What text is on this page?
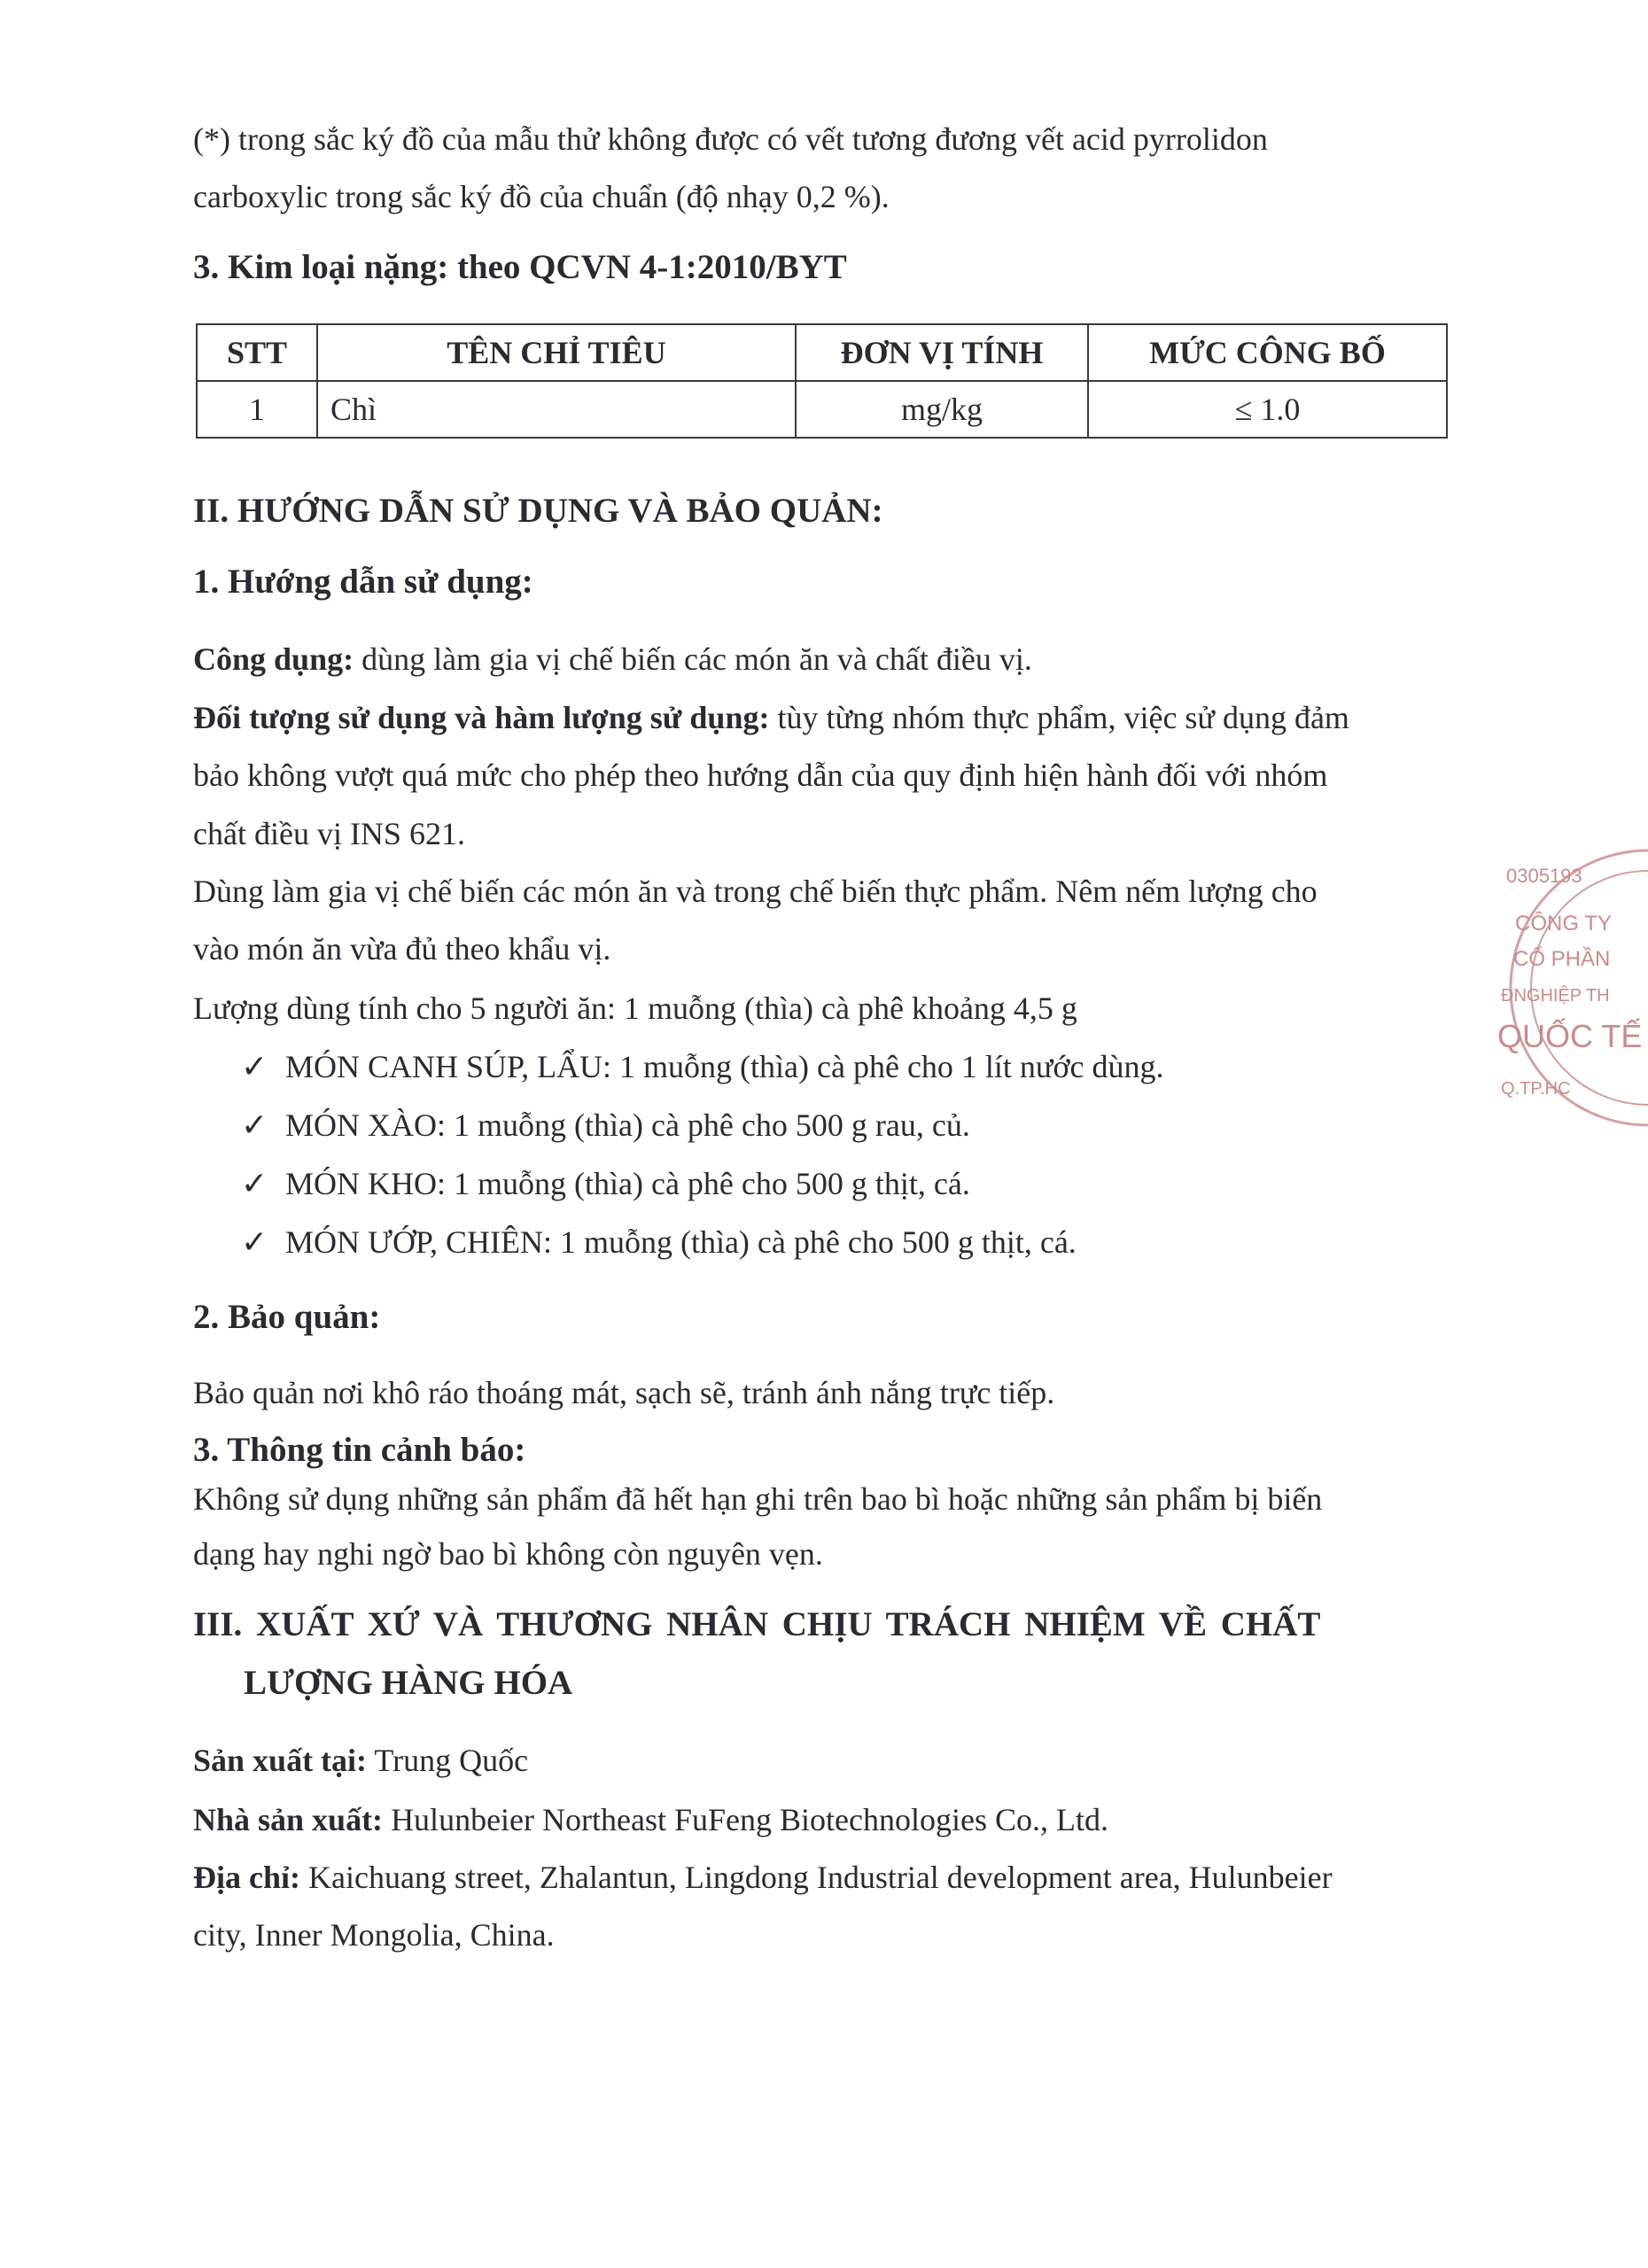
(*) trong sắc ký đồ của mẫu thử không được có vết tương đương vết acid pyrrolidon
carboxylic trong sắc ký đồ của chuẩn (độ nhạy 0,2 %).
3. Kim loại nặng: theo QCVN 4-1:2010/BYT
STT	TÊN CHỈ TIÊU	ĐƠN VỊ TÍNH	MỨC CÔNG BỐ
1	Chì	mg/kg	≤ 1.0
II. HƯỚNG DẪN SỬ DỤNG VÀ BẢO QUẢN:
1. Hướng dẫn sử dụng:
Công dụng: dùng làm gia vị chế biến các món ăn và chất điều vị.
Đối tượng sử dụng và hàm lượng sử dụng: tùy từng nhóm thực phẩm, việc sử dụng đảm
bảo không vượt quá mức cho phép theo hướng dẫn của quy định hiện hành đối với nhóm
chất điều vị INS 621.
Dùng làm gia vị chế biến các món ăn và trong chế biến thực phẩm. Nêm nếm lượng cho
vào món ăn vừa đủ theo khẩu vị.
Lượng dùng tính cho 5 người ăn: 1 muỗng (thìa) cà phê khoảng 4,5 g
✓ MÓN CANH SÚP, LẨU: 1 muỗng (thìa) cà phê cho 1 lít nước dùng.
✓ MÓN XÀO: 1 muỗng (thìa) cà phê cho 500 g rau, củ.
✓ MÓN KHO: 1 muỗng (thìa) cà phê cho 500 g thịt, cá.
✓ MÓN ƯỚP, CHIÊN: 1 muỗng (thìa) cà phê cho 500 g thịt, cá.
2. Bảo quản:
Bảo quản nơi khô ráo thoáng mát, sạch sẽ, tránh ánh nắng trực tiếp.
3. Thông tin cảnh báo:
Không sử dụng những sản phẩm đã hết hạn ghi trên bao bì hoặc những sản phẩm bị biến
dạng hay nghi ngờ bao bì không còn nguyên vẹn.
III. XUẤT XỨ VÀ THƯƠNG NHÂN CHỊU TRÁCH NHIỆM VỀ CHẤT
LƯỢNG HÀNG HÓA
Sản xuất tại: Trung Quốc
Nhà sản xuất: Hulunbeier Northeast FuFeng Biotechnologies Co., Ltd.
Địa chỉ: Kaichuang street, Zhalantun, Lingdong Industrial development area, Hulunbeier
city, Inner Mongolia, China.
0305193
CÔNG TY
CỔ PHẦN
ĐNGHIỆP TH
QUỐC TẾ
Q.TP.HC
